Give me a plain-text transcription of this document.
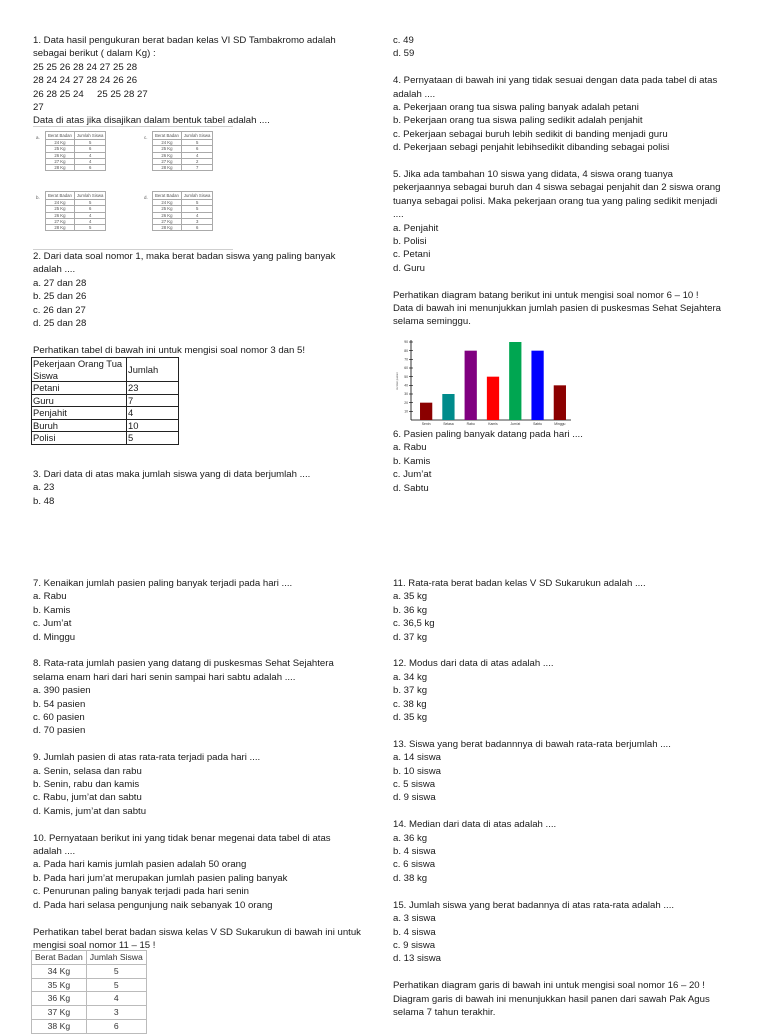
1. Data hasil pengukuran berat badan kelas VI SD Tambakromo adalah
sebagai berikut ( dalam Kg) :
25 25 26 28 24 27 25 28
28 24 24 27 28 24 26 26
26 28 25 24     25 25 28 27
27
Data di atas jika disajikan dalam bentuk tabel adalah ....
a. Berat Badan	Jumlah Siswa
24 Kg	5
25 Kg	6
26 Kg	4
27 Kg	4
28 Kg	6
c. Berat Badan	Jumlah Siswa
24 Kg	5
25 Kg	6
26 Kg	4
27 Kg	2
28 Kg	7
b. Berat Badan	Jumlah Siswa
24 Kg	5
25 Kg	6
26 Kg	4
27 Kg	4
28 Kg	5
d. Berat Badan	Jumlah Siswa
24 Kg	5
25 Kg	5
26 Kg	4
27 Kg	3
28 Kg	6
2. Dari data soal nomor 1, maka berat badan siswa yang paling banyak
adalah ....
a. 27 dan 28
b. 25 dan 26
c. 26 dan 27
d. 25 dan 28
Perhatikan tabel di bawah ini untuk mengisi soal nomor 3 dan 5!
Pekerjaan Orang Tua Siswa	Jumlah
Petani	23
Guru	7
Penjahit	4
Buruh	10
Polisi	5
3. Dari data di atas maka jumlah siswa yang di data berjumlah ....
a. 23
b. 48
c. 49
d. 59
4. Pernyataan di bawah ini yang tidak sesuai dengan data pada tabel di atas
adalah ....
a. Pekerjaan orang tua siswa paling banyak adalah petani
b. Pekerjaan orang tua siswa paling sedikit adalah penjahit
c. Pekerjaan sebagai buruh lebih sedikit di banding menjadi guru
d. Pekerjaan sebagi penjahit lebihsedikit dibanding sebagai polisi
5. Jika ada tambahan 10 siswa yang didata, 4 siswa orang tuanya
pekerjaannya sebagai buruh dan 4 siswa sebagai penjahit dan 2 siswa orang
tuanya sebagai polisi. Maka pekerjaan orang tua yang paling sedikit menjadi
....
a. Penjahit
b. Polisi
c. Petani
d. Guru
Perhatikan diagram batang berikut ini untuk mengisi soal nomor 6 – 10 !
Data di bawah ini menunjukkan jumlah pasien di puskesmas Sehat Sejahtera
selama seminggu.
Jumlah pasien
10
20
30
40
50
60
70
80
90
Senin	Selasa	Rabu	Kamis	Jum'at	Sabtu	Minggu
6. Pasien paling banyak datang pada hari ....
a. Rabu
b. Kamis
c. Jum’at
d. Sabtu
7. Kenaikan jumlah pasien paling banyak terjadi pada hari ....
a. Rabu
b. Kamis
c. Jum’at
d. Minggu
8. Rata-rata jumlah pasien yang datang di puskesmas Sehat Sejahtera
selama enam hari dari hari senin sampai hari sabtu adalah ....
a. 390 pasien
b. 54 pasien
c. 60 pasien
d. 70 pasien
9. Jumlah pasien di atas rata-rata terjadi pada hari ....
a. Senin, selasa dan rabu
b. Senin, rabu dan kamis
c. Rabu, jum’at dan sabtu
d. Kamis, jum’at dan sabtu
10. Pernyataan berikut ini yang tidak benar megenai data tabel di atas
adalah ....
a. Pada hari kamis jumlah pasien adalah 50 orang
b. Pada hari jum’at merupakan jumlah pasien paling banyak
c. Penurunan paling banyak terjadi pada hari senin
d. Pada hari selasa pengunjung naik sebanyak 10 orang
Perhatikan tabel berat badan siswa kelas V SD Sukarukun di bawah ini untuk
mengisi soal nomor 11 – 15 !
Berat Badan	Jumlah Siswa
34 Kg	5
35 Kg	5
36 Kg	4
37 Kg	3
38 Kg	6
11. Rata-rata berat badan kelas V SD Sukarukun adalah ....
a. 35 kg
b. 36 kg
c. 36,5 kg
d. 37 kg
12. Modus dari data di atas adalah ....
a. 34 kg
b. 37 kg
c. 38 kg
d. 35 kg
13. Siswa yang berat badannnya di bawah rata-rata berjumlah ....
a. 14 siswa
b. 10 siswa
c. 5 siswa
d. 9 siswa
14. Median dari data di atas adalah ....
a. 36 kg
b. 4 siswa
c. 6 siswa
d. 38 kg
15. Jumlah siswa yang berat badannya di atas rata-rata adalah ....
a. 3 siswa
b. 4 siswa
c. 9 siswa
d. 13 siswa
Perhatikan diagram garis di bawah ini untuk mengisi soal nomor 16 – 20 !
Diagram garis di bawah ini menunjukkan hasil panen dari sawah Pak Agus
selama 7 tahun terakhir.
